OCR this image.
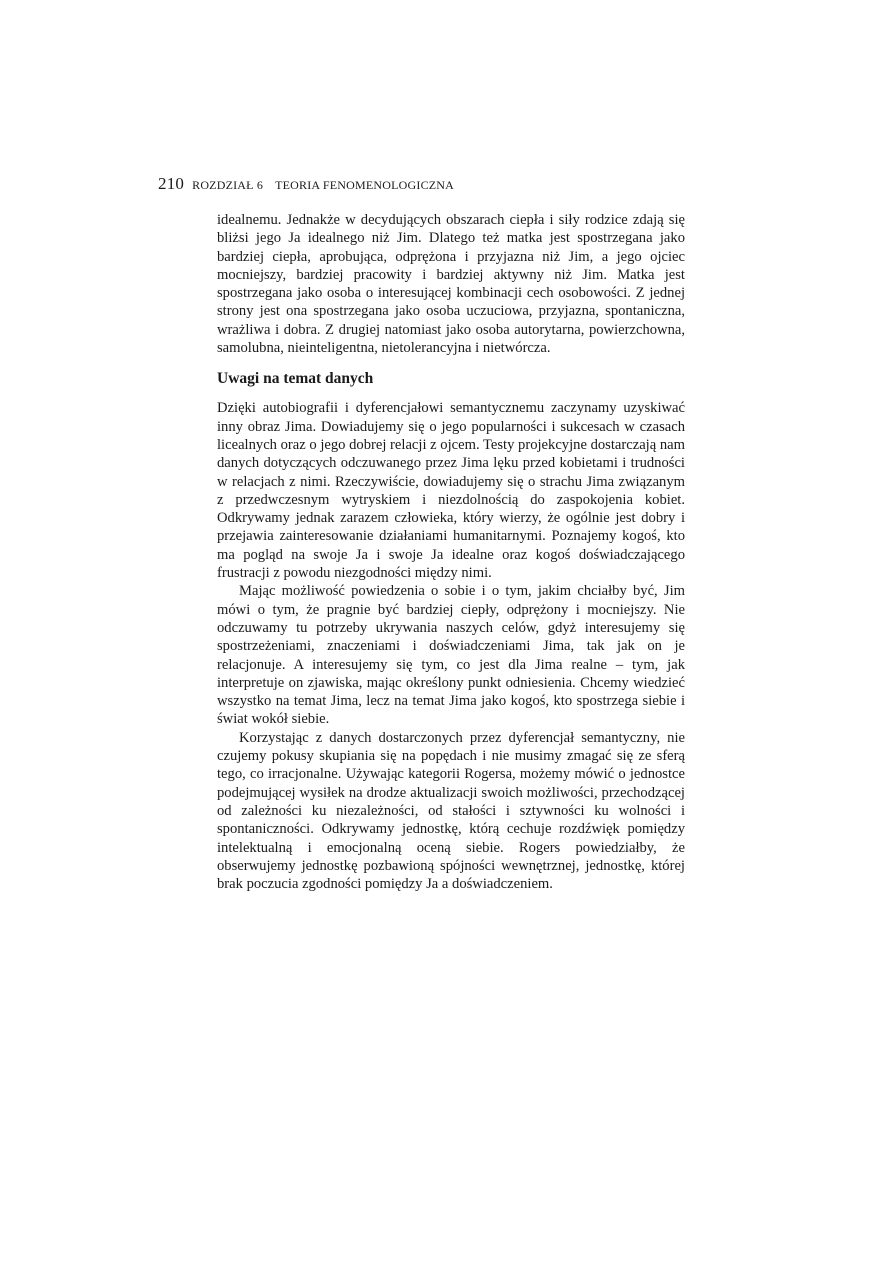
210 ROZDZIAŁ 6 TEORIA FENOMENOLOGICZNA

idealnemu. Jednakże w decydujących obszarach ciepła i siły rodzice zdają się bliżsi jego Ja idealnego niż Jim. Dlatego też matka jest spostrzegana jako bardziej ciepła, aprobująca, odprężona i przyjazna niż Jim, a jego ojciec mocniejszy, bardziej pracowity i bardziej aktywny niż Jim. Matka jest spostrzegana jako osoba o interesującej kombinacji cech osobowości. Z jednej strony jest ona spostrzegana jako osoba uczuciowa, przyjazna, spontaniczna, wrażliwa i dobra. Z drugiej natomiast jako osoba autorytarna, powierzchowna, samolubna, nieinteligentna, nietolerancyjna i nietwórcza.

Uwagi na temat danych

Dzięki autobiografii i dyferencjałowi semantycznemu zaczynamy uzyskiwać inny obraz Jima. Dowiadujemy się o jego popularności i sukcesach w czasach licealnych oraz o jego dobrej relacji z ojcem. Testy projekcyjne dostarczają nam danych dotyczących odczuwanego przez Jima lęku przed kobietami i trudności w relacjach z nimi. Rzeczywiście, dowiadujemy się o strachu Jima związanym z przedwczesnym wytryskiem i niezdolnością do zaspokojenia kobiet. Odkrywamy jednak zarazem człowieka, który wierzy, że ogólnie jest dobry i przejawia zainteresowanie działaniami humanitarnymi. Poznajemy kogoś, kto ma pogląd na swoje Ja i swoje Ja idealne oraz kogoś doświadczającego frustracji z powodu niezgodności między nimi.

Mając możliwość powiedzenia o sobie i o tym, jakim chciałby być, Jim mówi o tym, że pragnie być bardziej ciepły, odprężony i mocniejszy. Nie odczuwamy tu potrzeby ukrywania naszych celów, gdyż interesujemy się spostrzeżeniami, znaczeniami i doświadczeniami Jima, tak jak on je relacjonuje. A interesujemy się tym, co jest dla Jima realne – tym, jak interpretuje on zjawiska, mając określony punkt odniesienia. Chcemy wiedzieć wszystko na temat Jima, lecz na temat Jima jako kogoś, kto spostrzega siebie i świat wokół siebie.

Korzystając z danych dostarczonych przez dyferencjał semantyczny, nie czujemy pokusy skupiania się na popędach i nie musimy zmagać się ze sferą tego, co irracjonalne. Używając kategorii Rogersa, możemy mówić o jednostce podejmującej wysiłek na drodze aktualizacji swoich możliwości, przechodzącej od zależności ku niezależności, od stałości i sztywności ku wolności i spontaniczności. Odkrywamy jednostkę, którą cechuje rozdźwięk pomiędzy intelektualną i emocjonalną oceną siebie. Rogers powiedziałby, że obserwujemy jednostkę pozbawioną spójności wewnętrznej, jednostkę, której brak poczucia zgodności pomiędzy Ja a doświadczeniem.
